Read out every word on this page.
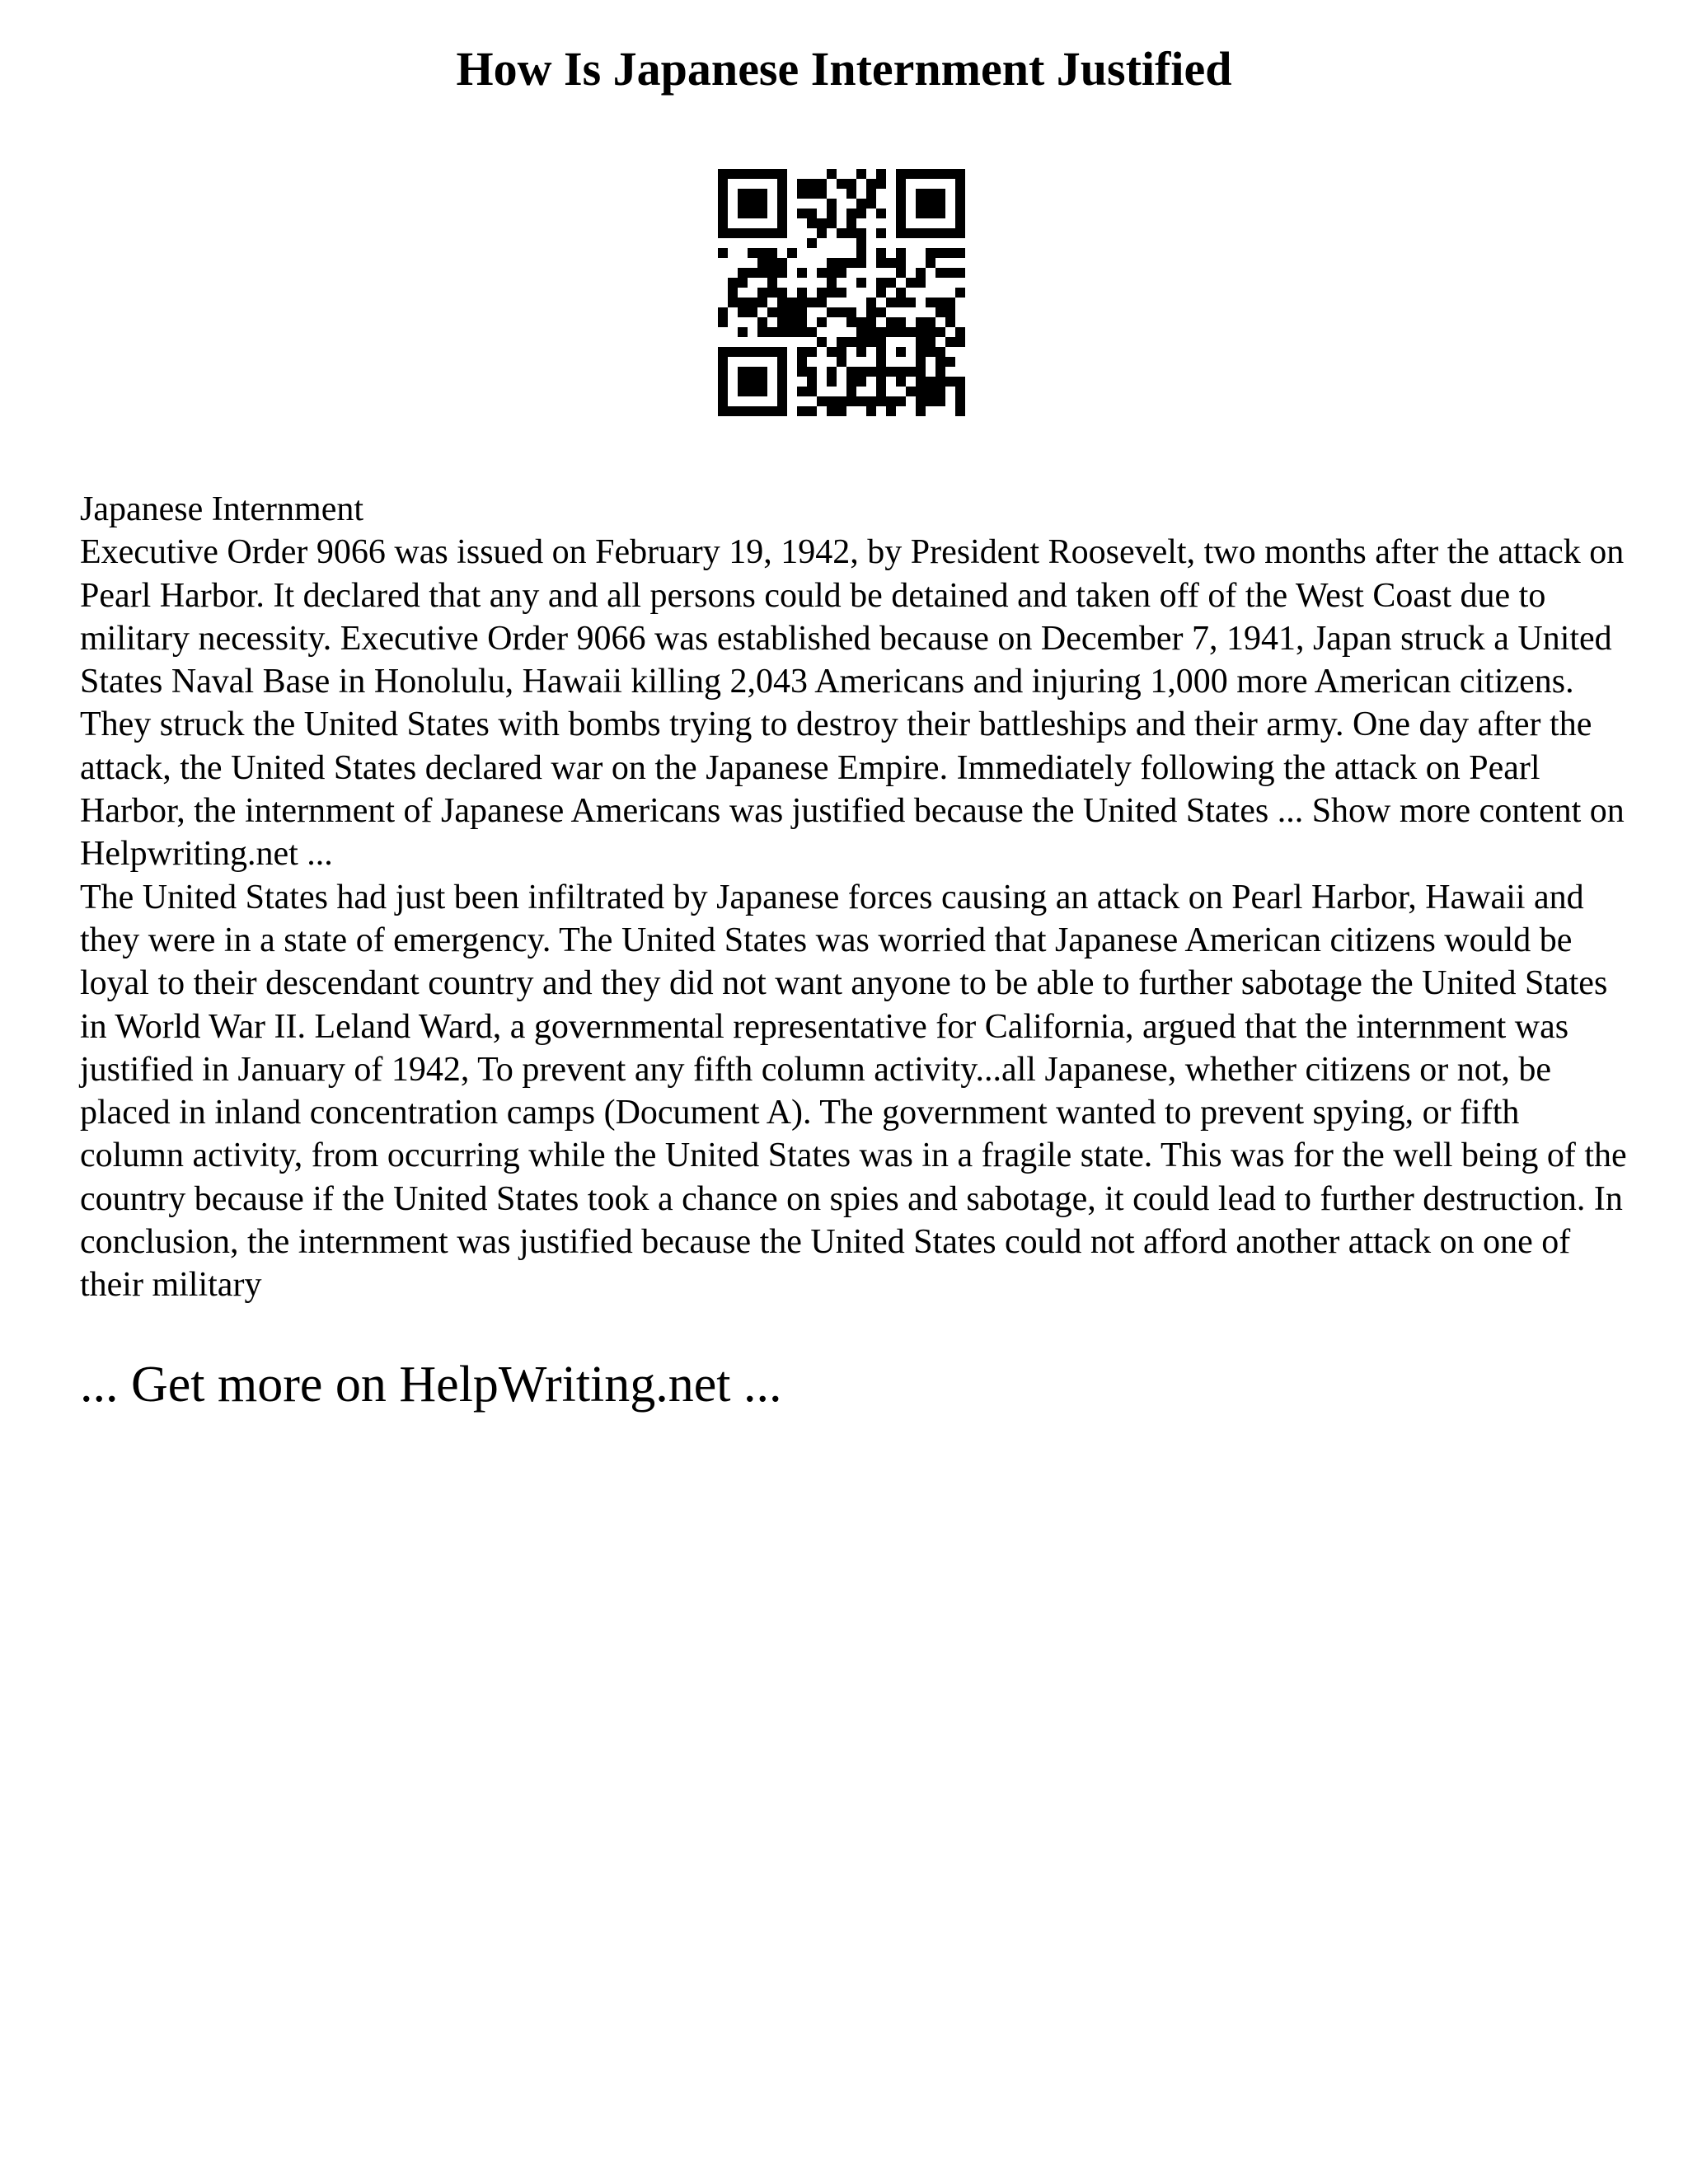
How Is Japanese Internment Justified

Japanese Internment

Executive Order 9066 was issued on February 19, 1942, by President Roosevelt, two months after the attack on Pearl Harbor. It declared that any and all persons could be detained and taken off of the West Coast due to military necessity. Executive Order 9066 was established because on December 7, 1941, Japan struck a United States Naval Base in Honolulu, Hawaii killing 2,043 Americans and injuring 1,000 more American citizens. They struck the United States with bombs trying to destroy their battleships and their army. One day after the attack, the United States declared war on the Japanese Empire. Immediately following the attack on Pearl Harbor, the internment of Japanese Americans was justified because the United States ... Show more content on Helpwriting.net ...

The United States had just been infiltrated by Japanese forces causing an attack on Pearl Harbor, Hawaii and they were in a state of emergency. The United States was worried that Japanese American citizens would be loyal to their descendant country and they did not want anyone to be able to further sabotage the United States in World War II. Leland Ward, a governmental representative for California, argued that the internment was justified in January of 1942, To prevent any fifth column activity...all Japanese, whether citizens or not, be placed in inland concentration camps (Document A). The government wanted to prevent spying, or fifth column activity, from occurring while the United States was in a fragile state. This was for the well being of the country because if the United States took a chance on spies and sabotage, it could lead to further destruction. In conclusion, the internment was justified because the United States could not afford another attack on one of their military

... Get more on HelpWriting.net ...
